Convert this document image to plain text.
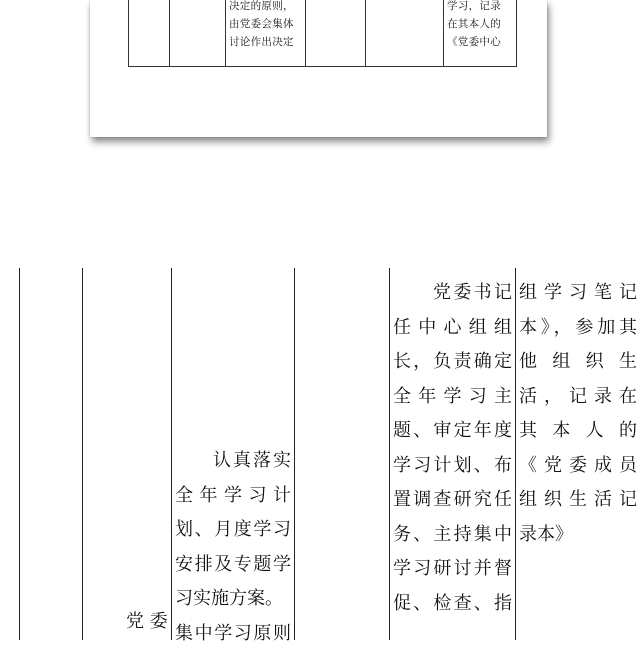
决定的原则，
由党委会集体
讨论作出决定
学习，记录
在其本人的
《党委中心
党 委
认真落实
全年学习计
划、月度学习
安排及专题学
习实施方案。
集中学习原则
党委书记
任中心组组
长，负责确定
全年学习主
题、审定年度
学习计划、布
置调查研究任
务、主持集中
学习研讨并督
促、检查、指
组学习笔记
本》，参加其
他组织生
活，记录在
其本人的
《党委成员
组织生活记
录本》
